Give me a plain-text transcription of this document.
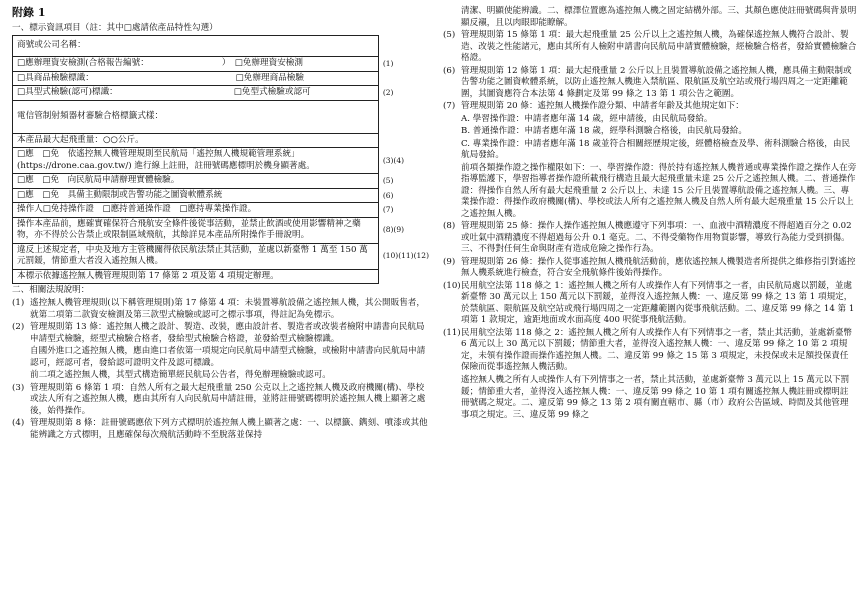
附錄 1
一、標示資訊項目（註：其中□處請依產品特性勾選）
商號或公司名稱：	
□應辦理資安檢測(合格報告編號：　　　　　　　　　）　□免辦理資安檢測	(1)
□具商品檢驗標識：　　　　　　　　　　　　　　　　　□免辦理商品檢驗	
□具型式檢驗(認可)標識：　　　　　　　　　　　　　　□免型式檢驗或認可	(2)
電信管制射頻器材審驗合格標籤式樣：	
本產品最大起飛重量：○○公斤。	
□應　□免　依遙控無人機管理規則至民航局「遙控無人機規範管理系統」(https://drone.caa.gov.tw/) 進行線上註冊，註冊號碼應標明於機身顯著處。	(3)(4)
□應　□免　向民航局申請辦理實體檢驗。	(5)
□應　□免　具備主動限制或告警功能之圖資軟體系統	(6)
操作人□免持操作證　□應持普通操作證　□應持專業操作證。	(7)
操作本產品前，應確實確保符合飛航安全條件後從事活動，並禁止飲酒或使用影響精神之藥物，亦不得於公告禁止或限制區域飛航，其餘詳見本產品所附操作手冊說明。	(8)(9)
違反上述規定者，中央及地方主管機關得依民航法禁止其活動，並處以新臺幣 1 萬至 150 萬元罰鍰，情節重大者沒入遙控無人機。	(10)(11)(12)
本標示依據遙控無人機管理規則第 17 條第 2 項及第 4 項規定辦理。	
二、相關法規說明：
(1) 遙控無人機管理規則(以下稱管理規則)第 17 條第 4 項：未裝置導航設備之遙控無人機，其公開販售者，就第二項第二款資安檢測及第三款型式檢驗或認可之標示事項，得註記為免標示。
(2) 管理規則第 13 條：遙控無人機之設計、製造、改裝，應由設計者、製造者或改裝者檢附申請書向民航局申請型式檢驗，經型式檢驗合格者，發給型式檢驗合格證，並發給型式檢驗標識。
自國外進口之遙控無人機，應由進口者依第一項規定向民航局申請型式檢驗，或檢附申請書向民航局申請認可，經認可者，發給認可證明文件及認可標識。
前二項之遙控無人機，其型式構造簡單經民航局公告者，得免辦理檢驗或認可。
(3) 管理規則第 6 條第 1 項：自然人所有之最大起飛重量 250 公克以上之遙控無人機及政府機關(構)、學校或法人所有之遙控無人機，應由其所有人向民航局申請註冊，並將註冊號碼標明於遙控無人機上顯著之處後，始得操作。
(4) 管理規則第 8 條：註冊號碼應依下列方式標明於遙控無人機上顯著之處：一、以標籤、鐫刻、噴漆或其他能辨識之方式標明，且應確保每次飛航活動時不至脫落並保持
清潔、明顯使能辨識。二、標澤位置應為遙控無人機之固定結構外部。三、其顏色應使註冊號碼與背景明顯反襯，且以肉眼即能瞭解。
(5) 管理規則第 15 條第 1 項：最大起飛重量 25 公斤以上之遙控無人機，為確保遙控無人機符合設計、製造、改裝之性能諸元，應由其所有人檢附申請書向民航局申請實體檢驗，經檢驗合格者，發給實體檢驗合格證。
(6) 管理規則第 12 條第 1 項：最大起飛重量 2 公斤以上且裝置導航設備之遙控無人機，應具備主動限制或告警功能之圖資軟體系統，以防止遙控無人機進入禁航區、限航區及航空站或飛行場四周之一定距離範圍，其圖資應符合本法第 4 條劃定及第 99 條之 13 第 1 項公告之範圍。
(7) 管理規則第 20 條：遙控無人機操作證分類、申請者年齡及其他規定如下：
A. 學習操作證：申請者應年滿 14 歲，經申請後，由民航局發給。
B. 普通操作證：申請者應年滿 18 歲，經學科測驗合格後，由民航局發給。
C. 專業操作證：申請者應年滿 18 歲並符合相關經歷規定後，經體格檢查及學、術科測驗合格後，由民航局發給。
前項各類操作證之操作權限如下：一、學習操作證：得於持有遙控無人機普通或專業操作證之操作人在旁指導監護下，學習指導者操作證所載飛行構造且最大起飛重量未達 25 公斤之遙控無人機。二、普通操作證：得操作自然人所有最大起飛重量 2 公斤以上、未達 15 公斤且裝置導航設備之遙控無人機。三、專業操作證：得操作政府機關(構)、學校或法人所有之遙控無人機及自然人所有最大起飛重量 15 公斤以上之遙控無人機。
(8) 管理規則第 25 條：操作人操作遙控無人機應遵守下列事項：一、血液中酒精濃度不得超過百分之 0.02 或吐氣中酒精濃度不得超過每公升 0.1 毫克。二、不得受藥物作用物質影響，導致行為能力受到損傷。三、不得對任何生命與財產有造成危險之操作行為。
(9) 管理規則第 26 條：操作人從事遙控無人機飛航活動前，應依遙控無人機製造者所提供之維修指引對遙控無人機系統進行檢查，符合安全飛航條件後始得操作。
(10) 民用航空法第 118 條之 1：遙控無人機之所有人或操作人有下列情事之一者，由民航局處以罰鍰，並處新臺幣 30 萬元以上 150 萬元以下罰鍰，並得沒入遙控無人機：一、違反第 99 條之 13 第 1 項規定，於禁航區、限航區及航空站或飛行場四周之一定距離範圍內從事飛航活動。二、違反第 99 條之 14 第 1 項第 1 款規定，逾距地面或水面高度 400 呎從事飛航活動。
(11) 民用航空法第 118 條之 2：遙控無人機之所有人或操作人有下列情事之一者，禁止其活動，並處新臺幣 6 萬元以上 30 萬元以下罰鍰；情節重大者，並得沒入遙控無人機：一、違反第 99 條之 10 第 2 項規定，未領有操作證而操作遙控無人機。二、違反第 99 條之 15 第 3 項規定，未投保或未足額投保責任保險而從事遙控無人機活動。
遙控無人機之所有人或操作人有下列情事之一者，禁止其活動，並處新臺幣 3 萬元以上 15 萬元以下罰鍰；情節重大者，並得沒入遙控無人機：一、違反第 99 條之 10 第 1 項有關遙控無人機註冊或標明註冊號碼之規定。二、違反第 99 條之 13 第 2 項有關直轄市、縣（市）政府公告區域、時間及其他管理事項之規定。三、違反第 99 條之
